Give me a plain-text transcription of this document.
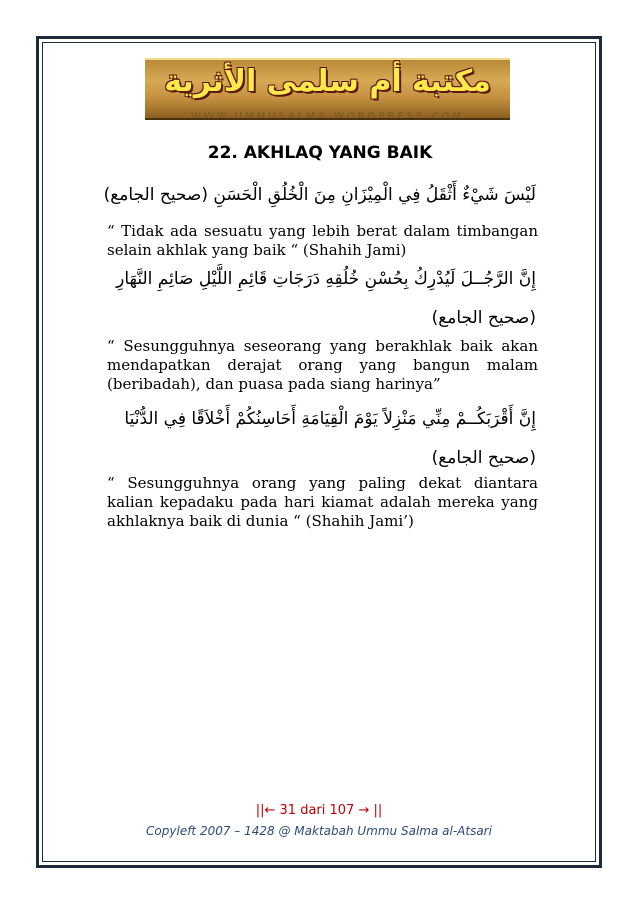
مكتبة أم سلمى الأثرية
WWW.UMMUSALMA.WORDPRESS.COM
22. AKHLAQ YANG BAIK
لَيْسَ شَيْءٌ أَثْقَلُ فِي الْمِيْزَانِ مِنَ الْخُلُقِ الْحَسَنِ (صحيح الجامع)
“ Tidak ada sesuatu yang lebih berat dalam timbangan selain akhlak yang baik “ (Shahih Jami)
إِنَّ الرَّجُــلَ لَيُدْرِكُ بِحُسْنِ خُلُقِهِ دَرَجَاتِ قَائِمِ اللَّيْلِ صَائِمِ النَّهَارِ (صحيح الجامع)
“ Sesungguhnya seseorang yang berakhlak baik akan mendapatkan derajat orang yang bangun malam (beribadah), dan puasa pada siang harinya”
إِنَّ أَقْرَبَكُــمْ مِنِّي مَنْزِلاً يَوْمَ الْقِيَامَةِ أَحَاسِنُكُمْ أَخْلاَقًا فِي الدُّنْيَا (صحيح الجامع)
“ Sesungguhnya orang yang paling dekat diantara kalian kepadaku pada hari kiamat adalah mereka yang akhlaknya baik di dunia “ (Shahih Jami’)
||← 31 dari 107 → ||
Copyleft 2007 – 1428 @ Maktabah Ummu Salma al-Atsari
